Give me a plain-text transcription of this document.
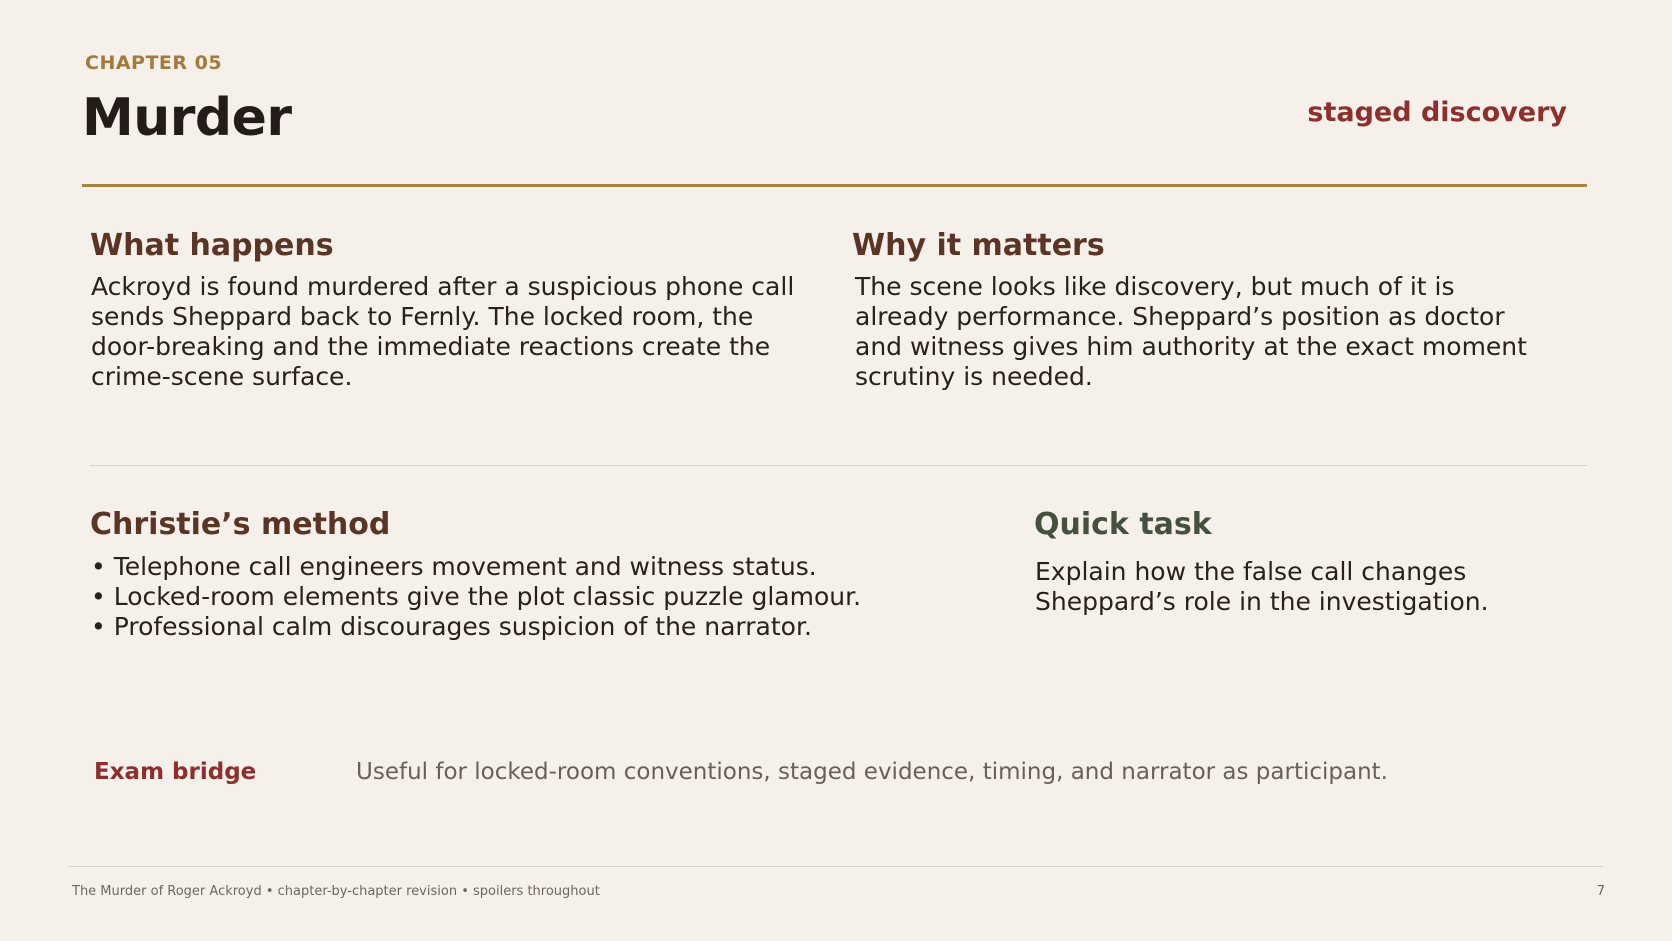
CHAPTER 05
Murder	staged discovery
What happens
Ackroyd is found murdered after a suspicious phone call sends Sheppard back to Fernly. The locked room, the door-breaking and the immediate reactions create the crime-scene surface.
Why it matters
The scene looks like discovery, but much of it is already performance. Sheppard’s position as doctor and witness gives him authority at the exact moment scrutiny is needed.
Christie’s method
• Telephone call engineers movement and witness status.
• Locked-room elements give the plot classic puzzle glamour.
• Professional calm discourages suspicion of the narrator.
Quick task
Explain how the false call changes Sheppard’s role in the investigation.
Exam bridge	Useful for locked-room conventions, staged evidence, timing, and narrator as participant.
The Murder of Roger Ackroyd • chapter-by-chapter revision • spoilers throughout	7
